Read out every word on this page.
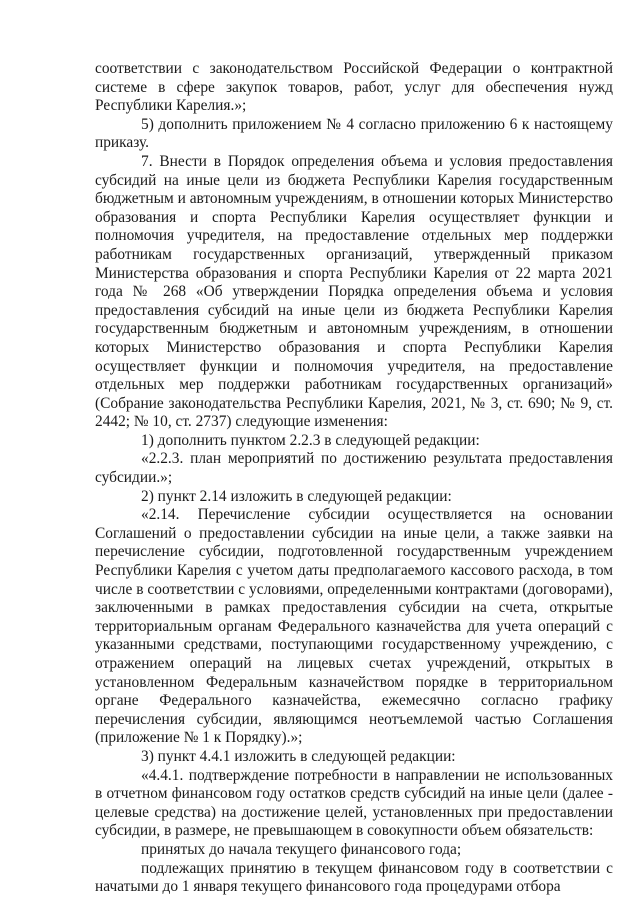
соответствии с законодательством Российской Федерации о контрактной системе в сфере закупок товаров, работ, услуг для обеспечения нужд Республики Карелия.»;

5) дополнить приложением № 4 согласно приложению 6 к настоящему приказу.

7. Внести в Порядок определения объема и условия предоставления субсидий на иные цели из бюджета Республики Карелия государственным бюджетным и автономным учреждениям, в отношении которых Министерство образования и спорта Республики Карелия осуществляет функции и полномочия учредителя, на предоставление отдельных мер поддержки работникам государственных организаций, утвержденный приказом Министерства образования и спорта Республики Карелия от 22 марта 2021 года № 268 «Об утверждении Порядка определения объема и условия предоставления субсидий на иные цели из бюджета Республики Карелия государственным бюджетным и автономным учреждениям, в отношении которых Министерство образования и спорта Республики Карелия осуществляет функции и полномочия учредителя, на предоставление отдельных мер поддержки работникам государственных организаций» (Собрание законодательства Республики Карелия, 2021, № 3, ст. 690; № 9, ст. 2442; № 10, ст. 2737) следующие изменения:

1) дополнить пунктом 2.2.3 в следующей редакции:

«2.2.3. план мероприятий по достижению результата предоставления субсидии.»;

2) пункт 2.14 изложить в следующей редакции:

«2.14. Перечисление субсидии осуществляется на основании Соглашений о предоставлении субсидии на иные цели, а также заявки на перечисление субсидии, подготовленной государственным учреждением Республики Карелия с учетом даты предполагаемого кассового расхода, в том числе в соответствии с условиями, определенными контрактами (договорами), заключенными в рамках предоставления субсидии на счета, открытые территориальным органам Федерального казначейства для учета операций с указанными средствами, поступающими государственному учреждению, с отражением операций на лицевых счетах учреждений, открытых в установленном Федеральным казначейством порядке в территориальном органе Федерального казначейства, ежемесячно согласно графику перечисления субсидии, являющимся неотъемлемой частью Соглашения (приложение № 1 к Порядку).»;

3) пункт 4.4.1 изложить в следующей редакции:

«4.4.1. подтверждение потребности в направлении не использованных в отчетном финансовом году остатков средств субсидий на иные цели (далее - целевые средства) на достижение целей, установленных при предоставлении субсидии, в размере, не превышающем в совокупности объем обязательств:

принятых до начала текущего финансового года;

подлежащих принятию в текущем финансовом году в соответствии с начатыми до 1 января текущего финансового года процедурами отбора
